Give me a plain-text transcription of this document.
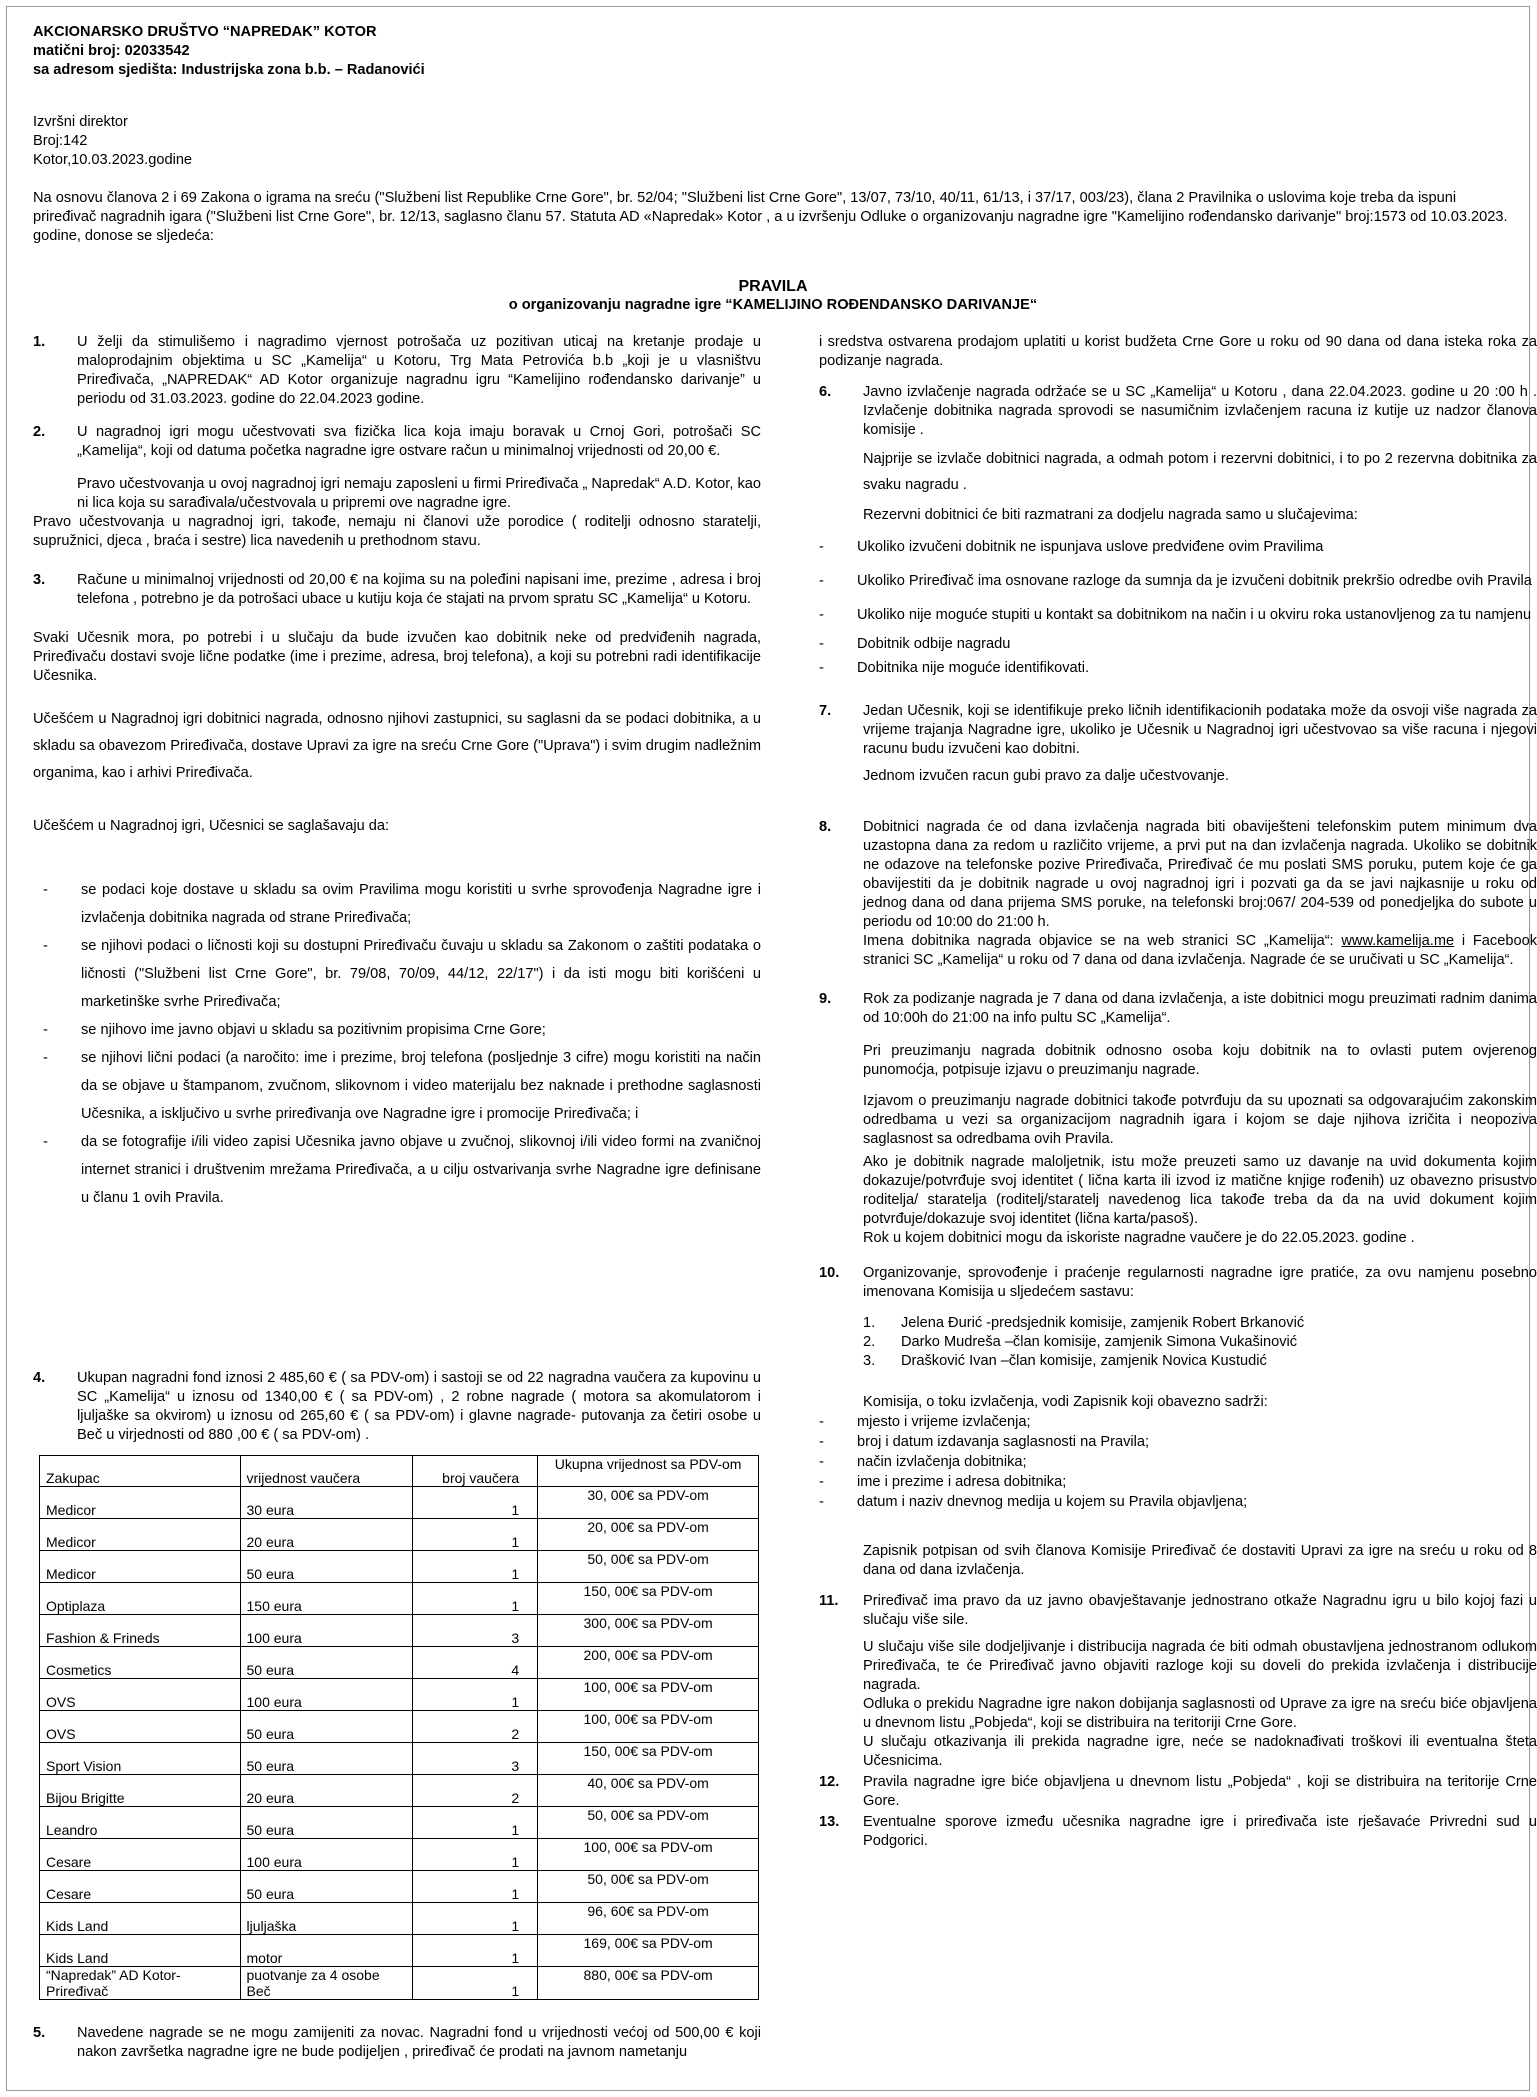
AKCIONARSKO DRUŠTVO “NAPREDAK” KOTOR
matični broj: 02033542
sa adresom sjedišta: Industrijska zona b.b. – Radanovići
Izvršni direktor
Broj:142
Kotor,10.03.2023.godine
Na osnovu članova 2 i 69 Zakona o igrama na sreću ("Službeni list Republike Crne Gore", br. 52/04; "Službeni list Crne Gore", 13/07, 73/10, 40/11, 61/13, i 37/17, 003/23), člana 2 Pravilnika o uslovima koje treba da ispuni priređivač nagradnih igara ("Službeni list Crne Gore", br. 12/13, saglasno članu 57. Statuta AD «Napredak» Kotor , a u izvršenju Odluke o organizovanju nagradne igre "Kamelijino rođendansko darivanje" broj:1573 od 10.03.2023. godine, donose se sljedeća:
PRAVILA
o organizovanju nagradne igre “KAMELIJINO ROĐENDANSKO DARIVANJE“
1.	U želji da stimulišemo i nagradimo vjernost potrošača uz pozitivan uticaj na kretanje prodaje u maloprodajnim objektima u SC „Kamelija“ u Kotoru, Trg Mata Petrovića b.b „koji je u vlasništvu Priređivača, „NAPREDAK“ AD Kotor organizuje nagradnu igru “Kamelijino rođendansko darivanje” u periodu od 31.03.2023. godine do 22.04.2023 godine.
2.	U nagradnoj igri mogu učestvovati sva fizička lica koja imaju boravak u Crnoj Gori, potrošači SC „Kamelija“, koji od datuma početka nagradne igre ostvare račun u minimalnoj vrijednosti od 20,00 €.

Pravo učestvovanja u ovoj nagradnoj igri nemaju zaposleni u firmi Priređivača „ Napredak“ A.D. Kotor, kao ni lica koja su sarađivala/učestvovala u pripremi ove nagradne igre.

Pravo učestvovanja u nagradnoj igri, takođe, nemaju ni članovi uže porodice ( roditelji odnosno staratelji, supružnici, djeca , braća i sestre) lica navedenih u prethodnom stavu.

3.	Račune u minimalnoj vrijednosti od 20,00 € na kojima su na poleđini napisani ime, prezime , adresa i broj telefona , potrebno je da potrošaci ubace u kutiju koja će stajati na prvom spratu SC „Kamelija“ u Kotoru.

Svaki Učesnik mora, po potrebi i u slučaju da bude izvučen kao dobitnik neke od predviđenih nagrada, Priređivaču dostavi svoje lične podatke (ime i prezime, adresa, broj telefona), a koji su potrebni radi identifikacije Učesnika.

Učešćem u Nagradnoj igri dobitnici nagrada, odnosno njihovi zastupnici, su saglasni da se podaci dobitnika, a u skladu sa obavezom Priređivača, dostave Upravi za igre na sreću Crne Gore ("Uprava") i svim drugim nadležnim organima, kao i arhivi Priređivača.

Učešćem u Nagradnoj igri, Učesnici se saglašavaju da:

-	se podaci koje dostave u skladu sa ovim Pravilima mogu koristiti u svrhe sprovođenja Nagradne igre i izvlačenja dobitnika nagrada od strane Priređivača;
-	se njihovi podaci o ličnosti koji su dostupni Priređivaču čuvaju u skladu sa Zakonom o zaštiti podataka o ličnosti ("Službeni list Crne Gore", br. 79/08, 70/09, 44/12, 22/17") i da isti mogu biti korišćeni u marketinške svrhe Priređivača;
-	se njihovo ime javno objavi u skladu sa pozitivnim propisima Crne Gore;
-	se njihovi lični podaci (a naročito: ime i prezime, broj telefona (posljednje 3 cifre) mogu koristiti na način da se objave u štampanom, zvučnom, slikovnom i video materijalu bez naknade i prethodne saglasnosti Učesnika, a isključivo u svrhe priređivanja ove Nagradne igre i promocije Priređivača; i
-	da se fotografije i/ili video zapisi Učesnika javno objave u zvučnoj, slikovnoj i/ili video formi na zvaničnoj internet stranici i društvenim mrežama Priređivača, a u cilju ostvarivanja svrhe Nagradne igre definisane u članu 1 ovih Pravila.
4.	Ukupan nagradni fond iznosi 2 485,60 € ( sa PDV-om) i sastoji se od 22 nagradna vaučera za kupovinu u SC „Kamelija“ u iznosu od 1340,00 € ( sa PDV-om) , 2 robne nagrade ( motora sa akomulatorom i ljuljaške sa okvirom) u iznosu od 265,60 € ( sa PDV-om) i glavne nagrade- putovanja za četiri osobe u Beč u virjednosti od 880 ,00 € ( sa PDV-om) .
Zakupac	vrijednost vaučera	broj vaučera	Ukupna vrijednost sa PDV-om
Medicor	30 eura	1	30, 00€ sa PDV-om
Medicor	20 eura	1	20, 00€ sa PDV-om
Medicor	50 eura	1	50, 00€ sa PDV-om
Optiplaza	150 eura	1	150, 00€ sa PDV-om
Fashion & Frineds	100 eura	3	300, 00€ sa PDV-om
Cosmetics	50 eura	4	200, 00€ sa PDV-om
OVS	100 eura	1	100, 00€ sa PDV-om
OVS	50 eura	2	100, 00€ sa PDV-om
Sport Vision	50 eura	3	150, 00€ sa PDV-om
Bijou Brigitte	20 eura	2	40, 00€ sa PDV-om
Leandro	50 eura	1	50, 00€ sa PDV-om
Cesare	100 eura	1	100, 00€ sa PDV-om
Cesare	50 eura	1	50, 00€ sa PDV-om
Kids Land	ljuljaška	1	96, 60€ sa PDV-om
Kids Land	motor	1	169, 00€ sa PDV-om
“Napredak” AD Kotor-Priređivač	puotvanje za 4 osobe Beč	1	880, 00€ sa PDV-om
5.	Navedene nagrade se ne mogu zamijeniti za novac. Nagradni fond u vrijednosti većoj od 500,00 € koji nakon završetka nagradne igre ne bude podijeljen , priređivač će prodati na javnom nametanju

i sredstva ostvarena prodajom uplatiti u korist budžeta Crne Gore u roku od 90 dana od dana isteka roka za podizanje nagrada.

6.	Javno izvlačenje nagrada održaće se u SC „Kamelija“ u Kotoru , dana 22.04.2023. godine u 20 :00 h . Izvlačenje dobitnika nagrada sprovodi se nasumičnim izvlačenjem racuna iz kutije uz nadzor članova komisije .

Najprije se izvlače dobitnici nagrada, a odmah potom i rezervni dobitnici, i to po 2 rezervna dobitnika za svaku nagradu .

Rezervni dobitnici će biti razmatrani za dodjelu nagrada samo u slučajevima:

-	Ukoliko izvučeni dobitnik ne ispunjava uslove predviđene ovim Pravilima
-	Ukoliko Priređivač ima osnovane razloge da sumnja da je izvučeni dobitnik prekršio odredbe ovih Pravila
-	Ukoliko nije moguće stupiti u kontakt sa dobitnikom na način i u okviru roka ustanovljenog za tu namjenu
-	Dobitnik odbije nagradu
-	Dobitnika nije moguće identifikovati.
7.	Jedan Učesnik, koji se identifikuje preko ličnih identifikacionih podataka može da osvoji više nagrada za vrijeme trajanja Nagradne igre, ukoliko je Učesnik u Nagradnoj igri učestvovao sa više racuna i njegovi racunu budu izvučeni kao dobitni.

Jednom izvučen racun gubi pravo za dalje učestvovanje.

8.	Dobitnici nagrada će od dana izvlačenja nagrada biti obaviješteni telefonskim putem minimum dva uzastopna dana za redom u različito vrijeme, a prvi put na dan izvlačenja nagrada. Ukoliko se dobitnik ne odazove na telefonske pozive Priređivača, Priređivač će mu poslati SMS poruku, putem koje će ga obavijestiti da je dobitnik nagrade u ovoj nagradnoj igri i pozvati ga da se javi najkasnije u roku od jednog dana od dana prijema SMS poruke, na telefonski broj:067/ 204-539 od ponedjeljka do subote u periodu od 10:00 do 21:00 h.

Imena dobitnika nagrada objavice se na web stranici SC „Kamelija“: www.kamelija.me i Facebook stranici SC „Kamelija“ u roku od 7 dana od dana izvlačenja. Nagrade će se uručivati u SC „Kamelija“.

9.	Rok za podizanje nagrada je 7 dana od dana izvlačenja, a iste dobitnici mogu preuzimati radnim danima od 10:00h do 21:00 na info pultu SC „Kamelija“.

Pri preuzimanju nagrada dobitnik odnosno osoba koju dobitnik na to ovlasti putem ovjerenog punomoćja, potpisuje izjavu o preuzimanju nagrade.

Izjavom o preuzimanju nagrade dobitnici takođe potvrđuju da su upoznati sa odgovarajućim zakonskim odredbama u vezi sa organizacijom nagradnih igara i kojom se daje njihova izričita i neopoziva saglasnost sa odredbama ovih Pravila.

Ako je dobitnik nagrade maloljetnik, istu može preuzeti samo uz davanje na uvid dokumenta kojim dokazuje/potvrđuje svoj identitet ( lična karta ili izvod iz matične knjige rođenih) uz obavezno prisustvo roditelja/ staratelja (roditelj/staratelj navedenog lica takođe treba da da na uvid dokument kojim potvrđuje/dokazuje svoj identitet (lična karta/pasoš).

Rok u kojem dobitnici mogu da iskoriste nagradne vaučere je do 22.05.2023. godine .

10.	Organizovanje, sprovođenje i praćenje regularnosti nagradne igre pratiće, za ovu namjenu posebno imenovana Komisija u sljedećem sastavu:
1.	Jelena Đurić -predsjednik komisije, zamjenik Robert Brkanović
2.	Darko Mudreša –član komisije, zamjenik Simona Vukašinović
3.	Drašković Ivan –član komisije, zamjenik Novica Kustudić

Komisija, o toku izvlačenja, vodi Zapisnik koji obavezno sadrži:

-	mjesto i vrijeme izvlačenja;
-	broj i datum izdavanja saglasnosti na Pravila;
-	način izvlačenja dobitnika;
-	ime i prezime i adresa dobitnika;
-	datum i naziv dnevnog medija u kojem su Pravila objavljena;

Zapisnik potpisan od svih članova Komisije Priređivač će dostaviti Upravi za igre na sreću u roku od 8 dana od dana izvlačenja.

11.	Priređivač ima pravo da uz javno obavještavanje jednostrano otkaže Nagradnu igru u bilo kojoj fazi u slučaju više sile.

U slučaju više sile dodjeljivanje i distribucija nagrada će biti odmah obustavljena jednostranom odlukom Priređivača, te će Priređivač javno objaviti razloge koji su doveli do prekida izvlačenja i distribucije nagrada.

Odluka o prekidu Nagradne igre nakon dobijanja saglasnosti od Uprave za igre na sreću biće objavljena u dnevnom listu „Pobjeda“, koji se distribuira na teritoriji Crne Gore.

U slučaju otkazivanja ili prekida nagradne igre, neće se nadoknađivati troškovi ili eventualna šteta Učesnicima.

12.	Pravila nagradne igre biće objavljena u dnevnom listu „Pobjeda“ , koji se distribuira na teritorije Crne Gore.
13.	Eventualne sporove između učesnika nagradne igre i priređivača iste rješavaće Privredni sud u Podgorici.
